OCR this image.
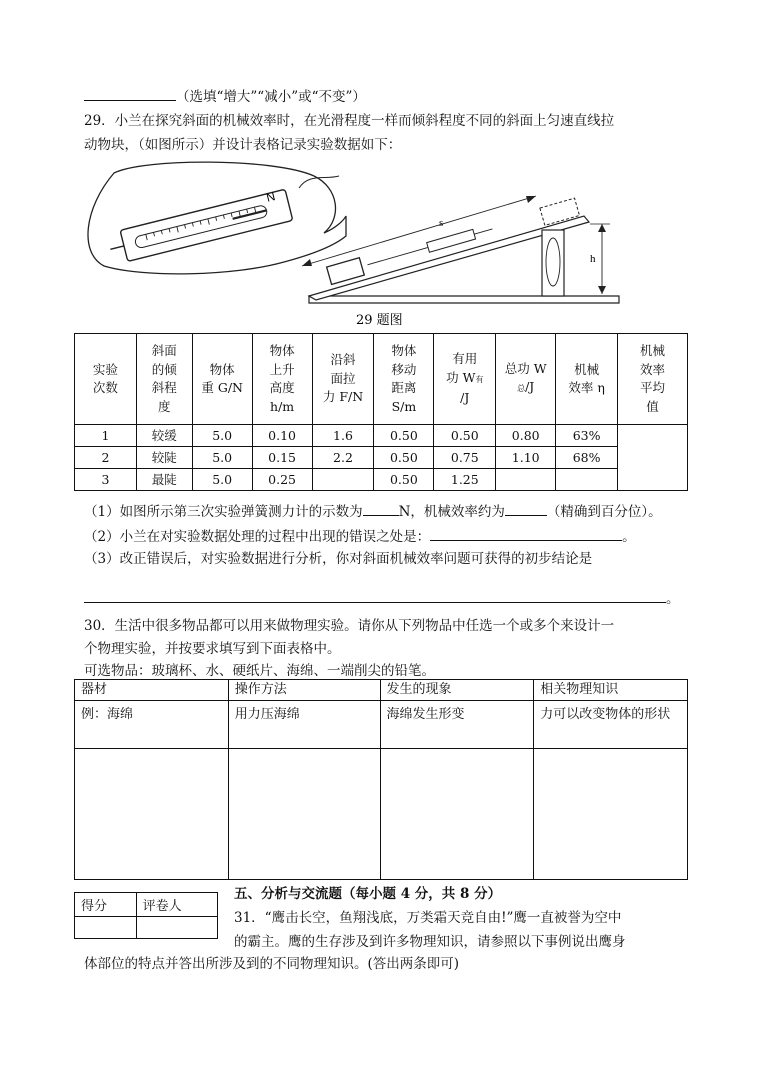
（选填“增大”“减小”或“不变”）
29．小兰在探究斜面的机械效率时，在光滑程度一样而倾斜程度不同的斜面上匀速直线拉
动物块，（如图所示）并设计表格记录实验数据如下：
N
s
h
29 题图
实验
次数	斜面
的倾
斜程
度	物体
重 G/N	物体
上升
高度
h/m	沿斜
面拉
力 F/N	物体
移动
距离
S/m	有用
功 W有
/J	总功 W
总/J	机械
效率 η	机械
效率
平均
值
1	较缓	5.0	0.10	1.6	0.50	0.50	0.80	63%	
2	较陡	5.0	0.15	2.2	0.50	0.75	1.10	68%	
3	最陡	5.0	0.25		0.50	1.25			
（1）如图所示第三次实验弹簧测力计的示数为	N，机械效率约为	（精确到百分位）。
（2）小兰在对实验数据处理的过程中出现的错误之处是：	。
（3）改正错误后，对实验数据进行分析，你对斜面机械效率问题可获得的初步结论是
。
30．生活中很多物品都可以用来做物理实验。请你从下列物品中任选一个或多个来设计一
个物理实验，并按要求填写到下面表格中。
可选物品：玻璃杯、水、硬纸片、海绵、一端削尖的铅笔。
器材	操作方法	发生的现象	相关物理知识
例：海绵	用力压海绵	海绵发生形变	力可以改变物体的形状

得分	评卷人

五、分析与交流题（每小题 4 分，共 8 分）
31．“鹰击长空，鱼翔浅底，万类霜天竞自由!”鹰一直被誉为空中
的霸主。鹰的生存涉及到许多物理知识，请参照以下事例说出鹰身
体部位的特点并答出所涉及到的不同物理知识。(答出两条即可)
